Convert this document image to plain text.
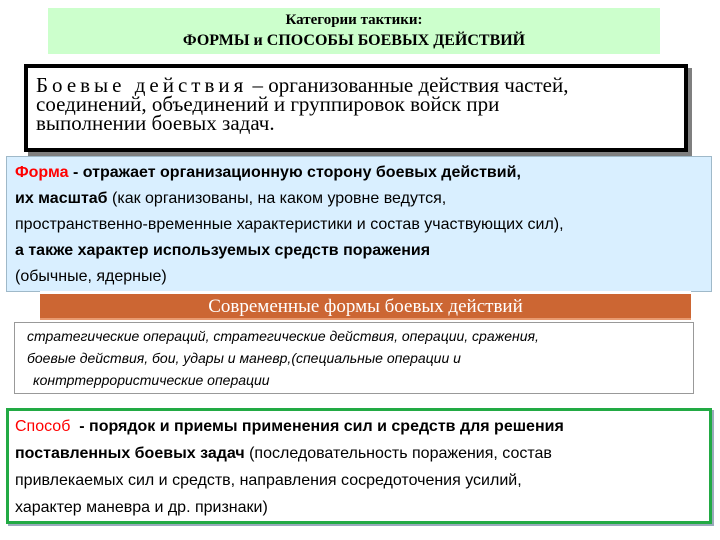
Категории тактики:
ФОРМЫ и СПОСОБЫ БОЕВЫХ ДЕЙСТВИЙ
Боевые действия – организованные действия частей,
соединений, объединений и группировок войск при
выполнении боевых задач.
Форма - отражает организационную сторону боевых действий,
их масштаб (как организованы, на каком уровне ведутся,
пространственно-временные характеристики и состав участвующих сил),
а также характер используемых средств поражения
(обычные, ядерные)
Современные формы боевых действий
стратегические операций, стратегические действия, операции, сражения,
боевые действия, бои, удары и маневр,(специальные операции и
контртеррористические операции
Способ  - порядок и приемы применения сил и средств для решения
поставленных боевых задач (последовательность поражения, состав
привлекаемых сил и средств, направления сосредоточения усилий,
характер маневра и др. признаки)
